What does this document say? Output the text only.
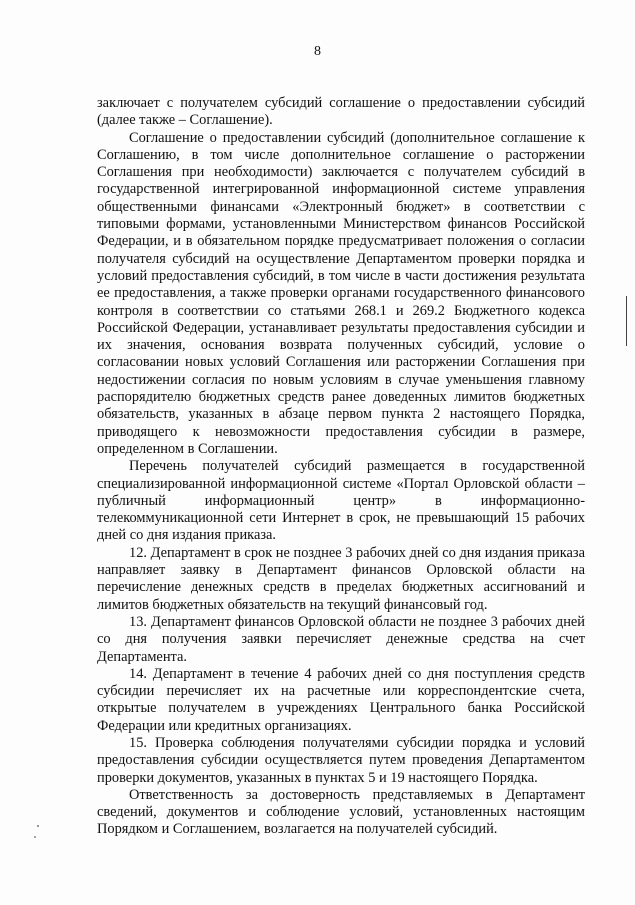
8

заключает с получателем субсидий соглашение о предоставлении субсидий (далее также – Соглашение).

Соглашение о предоставлении субсидий (дополнительное соглашение к Соглашению, в том числе дополнительное соглашение о расторжении Соглашения при необходимости) заключается с получателем субсидий в государственной интегрированной информационной системе управления общественными финансами «Электронный бюджет» в соответствии с типовыми формами, установленными Министерством финансов Российской Федерации, и в обязательном порядке предусматривает положения о согласии получателя субсидий на осуществление Департаментом проверки порядка и условий предоставления субсидий, в том числе в части достижения результата ее предоставления, а также проверки органами государственного финансового контроля в соответствии со статьями 268.1 и 269.2 Бюджетного кодекса Российской Федерации, устанавливает результаты предоставления субсидии и их значения, основания возврата полученных субсидий, условие о согласовании новых условий Соглашения или расторжении Соглашения при недостижении согласия по новым условиям в случае уменьшения главному распорядителю бюджетных средств ранее доведенных лимитов бюджетных обязательств, указанных в абзаце первом пункта 2 настоящего Порядка, приводящего к невозможности предоставления субсидии в размере, определенном в Соглашении.

Перечень получателей субсидий размещается в государственной специализированной информационной системе «Портал Орловской области – публичный информационный центр» в информационно-телекоммуникационной сети Интернет в срок, не превышающий 15 рабочих дней со дня издания приказа.

12. Департамент в срок не позднее 3 рабочих дней со дня издания приказа направляет заявку в Департамент финансов Орловской области на перечисление денежных средств в пределах бюджетных ассигнований и лимитов бюджетных обязательств на текущий финансовый год.

13. Департамент финансов Орловской области не позднее 3 рабочих дней со дня получения заявки перечисляет денежные средства на счет Департамента.

14. Департамент в течение 4 рабочих дней со дня поступления средств субсидии перечисляет их на расчетные или корреспондентские счета, открытые получателем в учреждениях Центрального банка Российской Федерации или кредитных организациях.

15. Проверка соблюдения получателями субсидии порядка и условий предоставления субсидии осуществляется путем проведения Департаментом проверки документов, указанных в пунктах 5 и 19 настоящего Порядка.

Ответственность за достоверность представляемых в Департамент сведений, документов и соблюдение условий, установленных настоящим Порядком и Соглашением, возлагается на получателей субсидий.
